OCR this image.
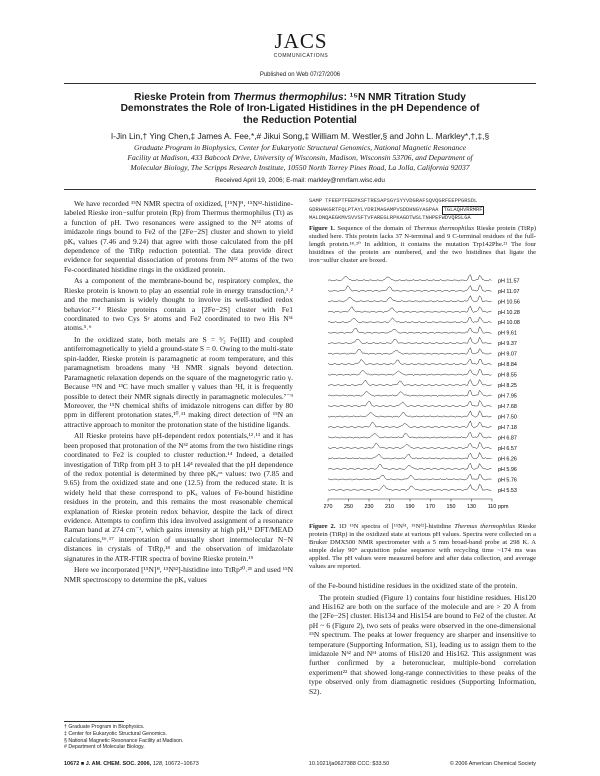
JACS
COMMUNICATIONS
Published on Web 07/27/2006
Rieske Protein from Thermus thermophilus: ¹⁵N NMR Titration Study
Demonstrates the Role of Iron-Ligated Histidines in the pH Dependence of
the Reduction Potential
I-Jin Lin,† Ying Chen,‡ James A. Fee,*,# Jikui Song,‡ William M. Westler,§ and John L. Markley*,†,‡,§
Graduate Program in Biophysics, Center for Eukaryotic Structural Genomics, National Magnetic Resonance
Facility at Madison, 433 Babcock Drive, University of Wisconsin, Madison, Wisconsin 53706, and Department of
Molecular Biology, The Scripps Research Institute, 10550 North Torrey Pines Road, La Jolla, California 92037
Received April 19, 2006; E-mail: markley@nmrfam.wisc.edu

We have recorded ¹⁵N NMR spectra of oxidized, [¹⁵N]ᴴ, ¹⁵Nᵟ²-histidine-labeled Rieske iron−sulfur protein (Rp) from Thermus thermophilus (Tt) as a function of pH. Two resonances were assigned to the Nᵟ² atoms of imidazole rings bound to Fe2 of the [2Fe−2S] cluster and shown to yield pKₐ values (7.46 and 9.24) that agree with those calculated from the pH dependence of the TtRp reduction potential. The data provide direct evidence for sequential dissociation of protons from Nᵟ² atoms of the two Fe-coordinated histidine rings in the oxidized protein.

As a component of the membrane-bound bc₁ respiratory complex, the Rieske protein is known to play an essential role in energy transduction,¹˒² and the mechanism is widely thought to involve its well-studied redox behavior.²⁻⁴ Rieske proteins contain a [2Fe−2S] cluster with Fe1 coordinated to two Cys Sᵞ atoms and Fe2 coordinated to two His Nᵟ¹ atoms.⁵˒⁶

In the oxidized state, both metals are S = ⁵⁄₂ Fe(III) and coupled antiferromagnetically to yield a ground-state S = 0. Owing to the multi-state spin-ladder, Rieske protein is paramagnetic at room temperature, and this paramagnetism broadens many ¹H NMR signals beyond detection. Paramagnetic relaxation depends on the square of the magnetogyric ratio γ. Because ¹⁵N and ¹³C have much smaller γ values than ¹H, it is frequently possible to detect their NMR signals directly in paramagnetic molecules.⁷⁻⁹ Moreover, the ¹⁵N chemical shifts of imidazole nitrogens can differ by 80 ppm in different protonation states,¹⁰˒¹¹ making direct detection of ¹⁵N an attractive approach to monitor the protonation state of the histidine ligands.

All Rieske proteins have pH-dependent redox potentials,¹²˒¹³ and it has been proposed that protonation of the Nᵟ² atoms from the two histidine rings coordinated to Fe2 is coupled to cluster reduction.¹⁴ Indeed, a detailed investigation of TtRp from pH 3 to pH 14⁴ revealed that the pH dependence of the redox potential is determined by three pKₐᵒˣ values: two (7.85 and 9.65) from the oxidized state and one (12.5) from the reduced state. It is widely held that these correspond to pKₐ values of Fe-bound histidine residues in the protein, and this remains the most reasonable chemical explanation of Rieske protein redox behavior, despite the lack of direct evidence. Attempts to confirm this idea involved assignment of a resonance Raman band at 274 cm⁻¹, which gains intensity at high pH,¹⁵ DFT/MEAD calculations,¹⁶˒¹⁷ interpretation of unusually short intermolecular N−N distances in crystals of TtRp,¹⁸ and the observation of imidazolate signatures in the ATR-FTIR spectra of bovine Rieske protein.¹⁹

Here we incorporated [¹⁵N]ᴴ, ¹⁵Nᵟ²]-histidine into TtRp²⁰˒²¹ and used ¹⁵N NMR spectroscopy to determine the pKₐ values

SAMP TFEEPTFEEPKSFTRESAPSGYSYYVDGRAFSQVQGRFEEPPGRSDL
GDRHAKGRTFQLPTAYLYDRIMAGAMPVSDDHNGYAGPAA TGLAQHVRRMRF
MALDNQAEGKMVSVVSFTVFAREGLRPKAGDTWSLTNHPEFWDVQRSLGA
Figure 1. Sequence of the domain of Thermus thermophilus Rieske protein (TtRp) studied here. This protein lacks 37 N-terminal and 9 C-terminal residues of the full-length protein.¹⁸˒²⁰ In addition, it contains the mutation Trp142Phe.²¹ The four histidines of the protein are numbered, and the two histidines that ligate the iron−sulfur cluster are boxed.
pH 11.57
pH 11.07
pH 10.56
pH 10.28
pH 10.08
pH 9.61
pH 9.37
pH 9.07
pH 8.84
pH 8.55
pH 8.25
pH 7.95
pH 7.68
pH 7.50
pH 7.18
pH 6.87
pH 6.57
pH 6.26
pH 5.96
pH 5.76
pH 5.53
270 250 230 210 190 170 150 130 110 ppm
Figure 2. 1D ¹⁵N spectra of [¹⁵Nᵟ¹, ¹⁵Nᵟ²]-histidine Thermus thermophilus Rieske protein (TtRp) in the oxidized state at various pH values. Spectra were collected on a Bruker DMX500 NMR spectrometer with a 5 mm broad-band probe at 298 K. A simple delay 90° acquisition pulse sequence with recycling time ~174 ms was applied. The pH values were measured before and after data collection, and average values are reported.

of the Fe-bound histidine residues in the oxidized state of the protein.

The protein studied (Figure 1) contains four histidine residues. His120 and His162 are both on the surface of the molecule and are > 20 Å from the [2Fe−2S] cluster. His134 and His154 are bound to Fe2 of the cluster. At pH ~ 6 (Figure 2), two sets of peaks were observed in the one-dimensional ¹⁵N spectrum. The peaks at lower frequency are sharper and insensitive to temperature (Supporting Information, S1), leading us to assign them to the imidazole Nᵟ² and Nᵟ¹ atoms of His120 and His162. This assignment was further confirmed by a heteronuclear, multiple-bond correlation experiment²² that showed long-range connectivities to these peaks of the type observed only from diamagnetic residues (Supporting Information, S2).

† Graduate Program in Biophysics.
‡ Center for Eukaryotic Structural Genomics.
§ National Magnetic Resonance Facility at Madison.
# Department of Molecular Biology.
10672 ■ J. AM. CHEM. SOC. 2006, 128, 10672−10673	10.1021/ja0627388 CCC: $33.50	© 2006 American Chemical Society
